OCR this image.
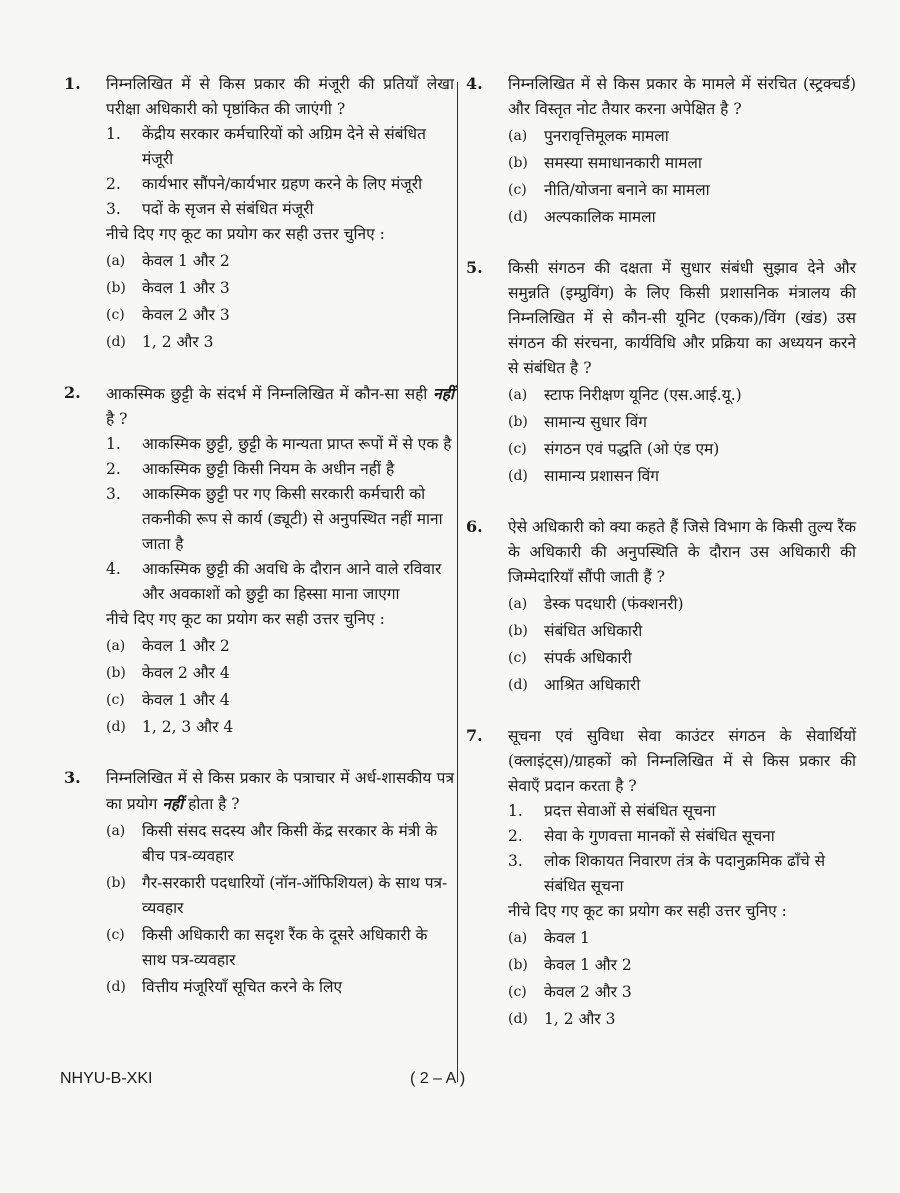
1. निम्नलिखित में से किस प्रकार की मंजूरी की प्रतियाँ लेखा परीक्षा अधिकारी को पृष्ठांकित की जाएंगी ?
1.	केंद्रीय सरकार कर्मचारियों को अग्रिम देने से संबंधित मंजूरी
2.	कार्यभार सौंपने/कार्यभार ग्रहण करने के लिए मंजूरी
3.	पदों के सृजन से संबंधित मंजूरी
नीचे दिए गए कूट का प्रयोग कर सही उत्तर चुनिए :
(a)	केवल 1 और 2
(b)	केवल 1 और 3
(c)	केवल 2 और 3
(d)	1, 2 और 3
2. आकस्मिक छुट्टी के संदर्भ में निम्नलिखित में कौन-सा सही नहीं है ?
1.	आकस्मिक छुट्टी, छुट्टी के मान्यता प्राप्त रूपों में से एक है
2.	आकस्मिक छुट्टी किसी नियम के अधीन नहीं है
3.	आकस्मिक छुट्टी पर गए किसी सरकारी कर्मचारी को तकनीकी रूप से कार्य (ड्यूटी) से अनुपस्थित नहीं माना जाता है
4.	आकस्मिक छुट्टी की अवधि के दौरान आने वाले रविवार और अवकाशों को छुट्टी का हिस्सा माना जाएगा
नीचे दिए गए कूट का प्रयोग कर सही उत्तर चुनिए :
(a)	केवल 1 और 2
(b)	केवल 2 और 4
(c)	केवल 1 और 4
(d)	1, 2, 3 और 4
3. निम्नलिखित में से किस प्रकार के पत्राचार में अर्ध-शासकीय पत्र का प्रयोग नहीं होता है ?
(a)	किसी संसद सदस्य और किसी केंद्र सरकार के मंत्री के बीच पत्र-व्यवहार
(b)	गैर-सरकारी पदधारियों (नॉन-ऑफिशियल) के साथ पत्र-व्यवहार
(c)	किसी अधिकारी का सदृश रैंक के दूसरे अधिकारी के साथ पत्र-व्यवहार
(d)	वित्तीय मंजूरियाँ सूचित करने के लिए
4. निम्नलिखित में से किस प्रकार के मामले में संरचित (स्ट्रक्चर्ड) और विस्तृत नोट तैयार करना अपेक्षित है ?
(a)	पुनरावृत्तिमूलक मामला
(b)	समस्या समाधानकारी मामला
(c)	नीति/योजना बनाने का मामला
(d)	अल्पकालिक मामला
5. किसी संगठन की दक्षता में सुधार संबंधी सुझाव देने और समुन्नति (इम्प्रुविंग) के लिए किसी प्रशासनिक मंत्रालय की निम्नलिखित में से कौन-सी यूनिट (एकक)/विंग (खंड) उस संगठन की संरचना, कार्यविधि और प्रक्रिया का अध्ययन करने से संबंधित है ?
(a)	स्टाफ निरीक्षण यूनिट (एस.आई.यू.)
(b)	सामान्य सुधार विंग
(c)	संगठन एवं पद्धति (ओ एंड एम)
(d)	सामान्य प्रशासन विंग
6. ऐसे अधिकारी को क्या कहते हैं जिसे विभाग के किसी तुल्य रैंक के अधिकारी की अनुपस्थिति के दौरान उस अधिकारी की जिम्मेदारियाँ सौंपी जाती हैं ?
(a)	डेस्क पदधारी (फंक्शनरी)
(b)	संबंधित अधिकारी
(c)	संपर्क अधिकारी
(d)	आश्रित अधिकारी
7. सूचना एवं सुविधा सेवा काउंटर संगठन के सेवार्थियों (क्लाइंट्स)/ग्राहकों को निम्नलिखित में से किस प्रकार की सेवाएँ प्रदान करता है ?
1.	प्रदत्त सेवाओं से संबंधित सूचना
2.	सेवा के गुणवत्ता मानकों से संबंधित सूचना
3.	लोक शिकायत निवारण तंत्र के पदानुक्रमिक ढाँचे से संबंधित सूचना
नीचे दिए गए कूट का प्रयोग कर सही उत्तर चुनिए :
(a)	केवल 1
(b)	केवल 1 और 2
(c)	केवल 2 और 3
(d)	1, 2 और 3
NHYU-B-XKI	( 2 – A )
